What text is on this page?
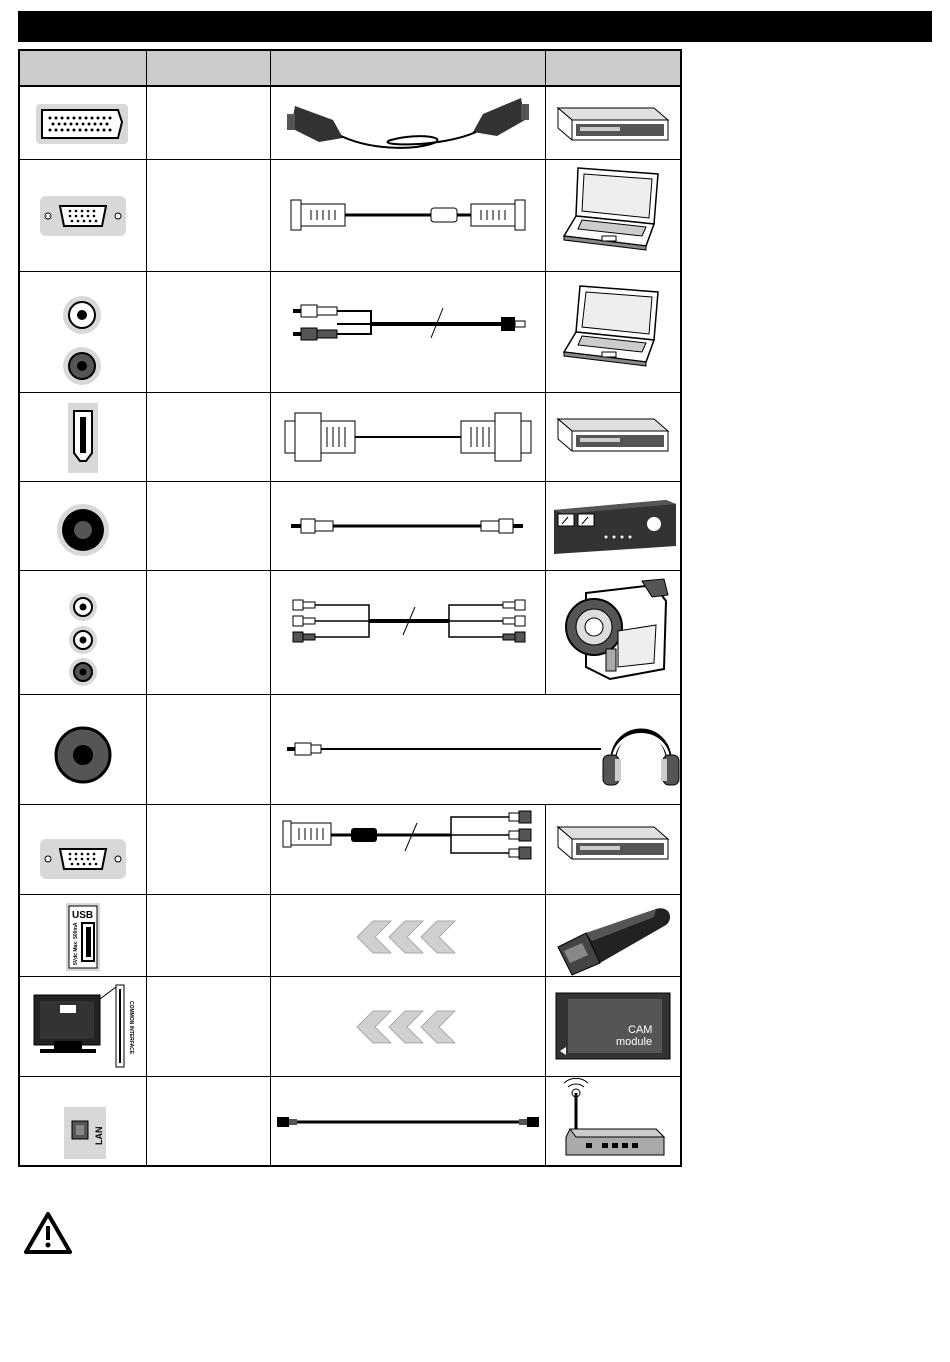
USB
5Vdc Max: 500mA
COMMON INTERFACE	CAM
module
LAN
